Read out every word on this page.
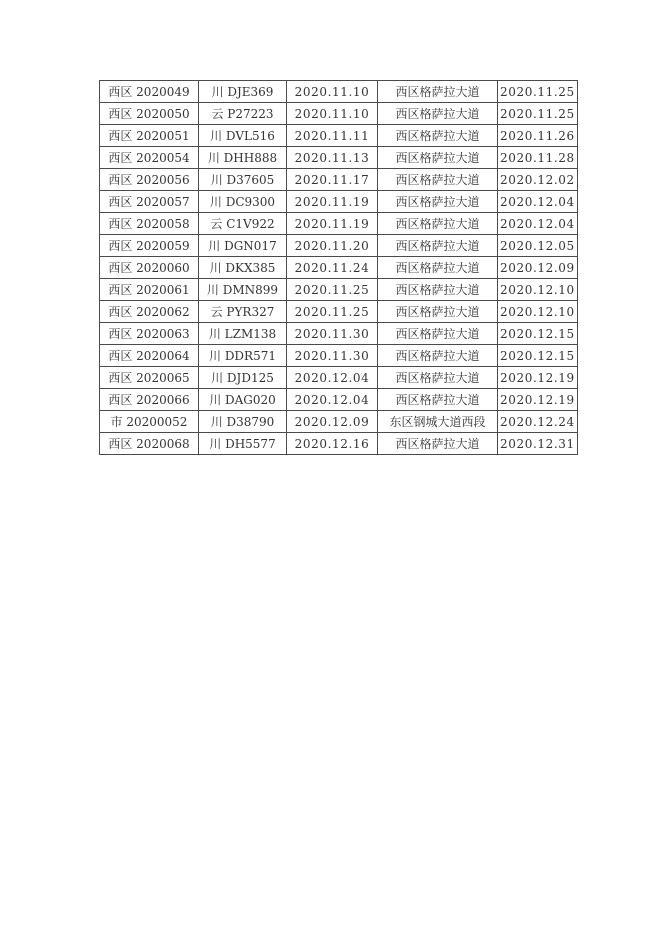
西区 2020049	川 DJE369	2020.11.10	西区格萨拉大道	2020.11.25
西区 2020050	云 P27223	2020.11.10	西区格萨拉大道	2020.11.25
西区 2020051	川 DVL516	2020.11.11	西区格萨拉大道	2020.11.26
西区 2020054	川 DHH888	2020.11.13	西区格萨拉大道	2020.11.28
西区 2020056	川 D37605	2020.11.17	西区格萨拉大道	2020.12.02
西区 2020057	川 DC9300	2020.11.19	西区格萨拉大道	2020.12.04
西区 2020058	云 C1V922	2020.11.19	西区格萨拉大道	2020.12.04
西区 2020059	川 DGN017	2020.11.20	西区格萨拉大道	2020.12.05
西区 2020060	川 DKX385	2020.11.24	西区格萨拉大道	2020.12.09
西区 2020061	川 DMN899	2020.11.25	西区格萨拉大道	2020.12.10
西区 2020062	云 PYR327	2020.11.25	西区格萨拉大道	2020.12.10
西区 2020063	川 LZM138	2020.11.30	西区格萨拉大道	2020.12.15
西区 2020064	川 DDR571	2020.11.30	西区格萨拉大道	2020.12.15
西区 2020065	川 DJD125	2020.12.04	西区格萨拉大道	2020.12.19
西区 2020066	川 DAG020	2020.12.04	西区格萨拉大道	2020.12.19
市 20200052	川 D38790	2020.12.09	东区钢城大道西段	2020.12.24
西区 2020068	川 DH5577	2020.12.16	西区格萨拉大道	2020.12.31
